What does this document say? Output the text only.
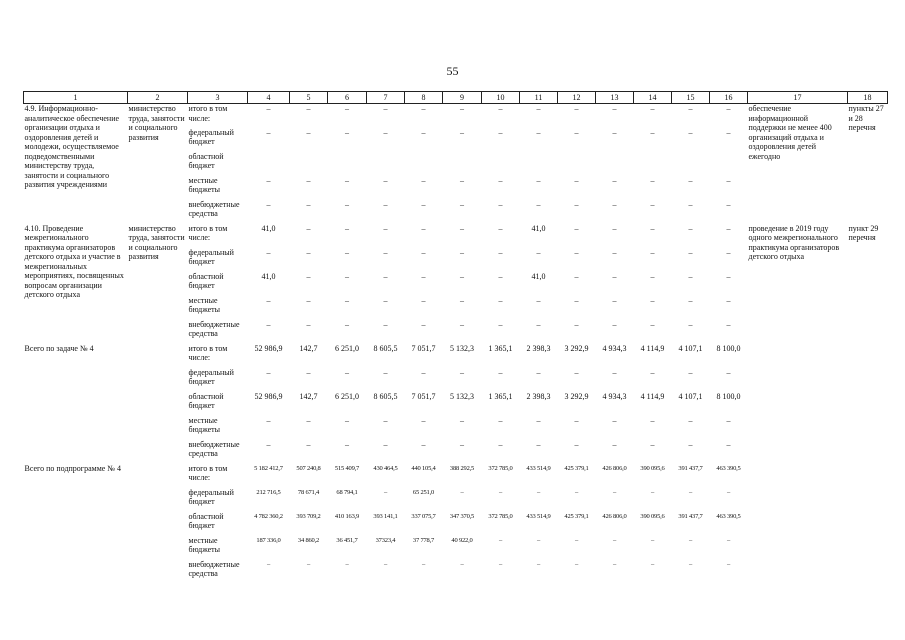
55
1	2	3	4	5	6	7	8	9	10	11	12	13	14	15	16	17	18
4.9. Информационно-аналитическое обеспечение организации отдыха и оздоровления детей и молодежи, осуществляемое подведомственными министерству труда, занятости и социального развития учреждениями	министерство труда, занятости и социального развития	итого в том числе:	–	–	–	–	–	–	–	–	–	–	–	–	–	обеспечение информационной поддержки не менее 400 организаций отдыха и оздоровления детей ежегодно	пункты 27 и 28 перечня
		федеральный бюджет	–	–	–	–	–	–	–	–	–	–	–	–	–		
		областной бюджет															
		местные бюджеты	–	–	–	–	–	–	–	–	–	–	–	–	–		
		внебюджетные средства	–	–	–	–	–	–	–	–	–	–	–	–	–		
4.10. Проведение межрегионального практикума организаторов детского отдыха и участие в межрегиональных мероприятиях, посвященных вопросам организации детского отдыха	министерство труда, занятости и социального развития	итого в том числе:	41,0	–	–	–	–	–	–	41,0	–	–	–	–	–	проведение в 2019 году одного межрегионального практикума организаторов детского отдыха	пункт 29 перечня
		федеральный бюджет	–	–	–	–	–	–	–	–	–	–	–	–	–		
		областной бюджет	41,0	–	–	–	–	–	–	41,0	–	–	–	–	–		
		местные бюджеты	–	–	–	–	–	–	–	–	–	–	–	–	–		
		внебюджетные средства	–	–	–	–	–	–	–	–	–	–	–	–	–		
Всего по задаче № 4		итого в том числе:	52 986,9	142,7	6 251,0	8 605,5	7 051,7	5 132,3	1 365,1	2 398,3	3 292,9	4 934,3	4 114,9	4 107,1	8 100,0		
		федеральный бюджет	–	–	–	–	–	–	–	–	–	–	–	–	–		
		областной бюджет	52 986,9	142,7	6 251,0	8 605,5	7 051,7	5 132,3	1 365,1	2 398,3	3 292,9	4 934,3	4 114,9	4 107,1	8 100,0		
		местные бюджеты	–	–	–	–	–	–	–	–	–	–	–	–	–		
		внебюджетные средства	–	–	–	–	–	–	–	–	–	–	–	–	–		
Всего по подпрограмме № 4		итого в том числе:	5 182 412,7	507 240,8	515 409,7	430 464,5	440 105,4	388 292,5	372 785,0	433 514,9	425 379,1	426 806,0	390 095,6	391 437,7	463 390,5		
		федеральный бюджет	212 716,5	78 671,4	68 794,1	–	65 251,0	–	–	–	–	–	–	–	–		
		областной бюджет	4 782 360,2	393 709,2	410 163,9	393 141,1	337 075,7	347 370,5	372 785,0	433 514,9	425 379,1	426 806,0	390 095,6	391 437,7	463 390,5		
		местные бюджеты	187 336,0	34 860,2	36 451,7	37323,4	37 778,7	40 922,0	–	–	–	–	–	–	–		
		внебюджетные средства	–	–	–	–	–	–	–	–	–	–	–	–	–		
